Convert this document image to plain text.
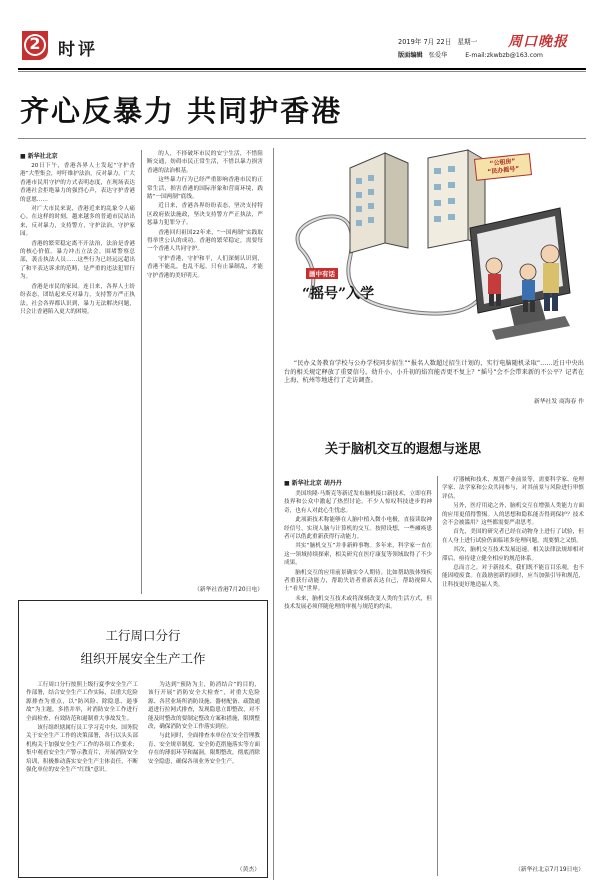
2	时评	2019年 7月 22日 星期一 周口晚报
版面编辑 张爱华	E-mail:zkwbzb@163.com
齐心反暴力 共同护香港
■ 新华社北京

20日下午，香港各界人士发起“守护香港”大型集会，呼吁维护法治，反对暴力。广大香港市民用守护的方式表明态度，在现场表达香港社会拒绝暴力的强烈心声，表达守护香港的意愿……

对广大市民来说，香港近来的乱象令人痛心。在这样的时刻，越来越多的普通市民站出来，反对暴力，支持警方，守护法治，守护家园。

香港的繁荣稳定离不开法治，法治是香港的核心价值。暴力冲击立法会，围堵警察总部，袭击执法人员……这些行为已经远远超出了和平表达诉求的范畴，是严重的违法犯罪行为。

香港是市民的家园。连日来，各界人士纷纷表态，团结起来反对暴力，支持警方严正执法。社会各界都认识到，暴力无法解决问题，只会让香港陷入更大的困境。

的人，不择破坏市民的安宁生活，不惜阻断交通，妨碍市民正常生活，不惜以暴力损害香港的法治根基。

这些暴力行为已经严重影响香港市民的正常生活，损害香港的国际形象和营商环境，践踏“一国两制”底线。

近日来，香港各界纷纷表态，坚决支持特区政府依法施政，坚决支持警方严正执法，严惩暴力犯罪分子。

香港回归祖国22年来，“一国两制”实践取得举世公认的成功。香港的繁荣稳定，需要每一个香港人共同守护。

守护香港，守护和平，人们深刻认识到，香港不能乱，也乱不起。只有止暴制乱，才能守护香港的美好明天。

（新华社香港7月20日电）
“公租房”
“民办摇号”
画中有话
“摇号”入学
“民办义务教育学校与公办学校同步招生”“报名人数超过招生计划的，实行电脑随机录取”……近日中央出台的相关规定释放了重要信号。幼升小、小升初的焰宫能否更不复上？“摇号”会不会带来新的不公平？记者在上海、杭州等地进行了走访调查。
新华社发 商海春 作
关于脑机交互的遐想与迷思
■ 新华社北京 胡丹丹

美国埃隆·马斯克等新近发布脑机接口新技术，立即在科技界和公众中激起了热烈讨论。不少人惊叹科技进步的神奇，也有人对此心生忧虑。

此项新技术称能够在人脑中植入微小电极，直接读取神经信号，实现人脑与计算机的交互。按照设想，一些瘫痪患者可以借此重新获得行动能力。

其实“脑机交互”并非新鲜事物。多年来，科学家一直在这一领域持续探索，相关研究在医疗康复等领域取得了不少成果。

脑机交互的应用前景确实令人期待。比如帮助肢体残疾者重获行动能力，帮助失语者重新表达自己，帮助视障人士“看见”世界。

未来，脑机交互技术或将深刻改变人类的生活方式，但技术发展必须伴随伦理的审视与规范的约束。

疗器械和技术，规划产业前景等，需要科学家、伦理学家、法学家和公众共同参与，对其前景与风险进行审慎评估。

另外，医疗用途之外，脑机交互在增强人类能力方面的应用更值得警惕。人的思想和隐私能否得到保护？技术会不会被滥用？这些都需要严肃思考。

首先，美国的研究者已经在动物身上进行了试验，但在人身上进行试验仍面临诸多伦理问题，需要慎之又慎。

其次，脑机交互技术发展迅速，相关法律法规却相对滞后，亟待建立健全相应的规范体系。

总而言之，对于新技术，我们既不能盲目乐观，也不能因噎废食。在鼓励创新的同时，应当加强引导和规范，让科技更好地造福人类。

（新华社北京7月19日电）
工行周口分行
组织开展安全生产工作

工行周口分行按照上级行夏季安全生产工作部署，结合安全生产工作实际，以重大危险源排查为重点，以“防风险、除隐患、遏事故”为主题，多措并举，对消防安全工作进行全面检查，有效防范和遏制重大事故发生。

该行组织辖属行员工学习克中央、国务院关于安全生产工作的决策部署，各行以头头部机构关于加强安全生产工作的各项工作要求；集中观看安全生产警示教育片，开展消防安全培训，积极推动落实安全生产主体责任，不断强化单位的安全生产“红线”意识。

为达到“预防为主，防消结合”的目的，该行开展“消防安全大检查”，对重大危险源、各营业场所消防设施、器材配备、疏散通道进行拉网式排查，发现隐患立即整改，对不能及时整改的要制定整改方案和措施，限期整改，确保消防安全工作落实到位。

与此同时，全面排查本单位在安全管理教育、安全规章制度、安全防范措施落实等方面存在的薄弱环节和漏洞，限期整改，彻底消除安全隐患，确保各项业务安全生产。

（黄杰）
